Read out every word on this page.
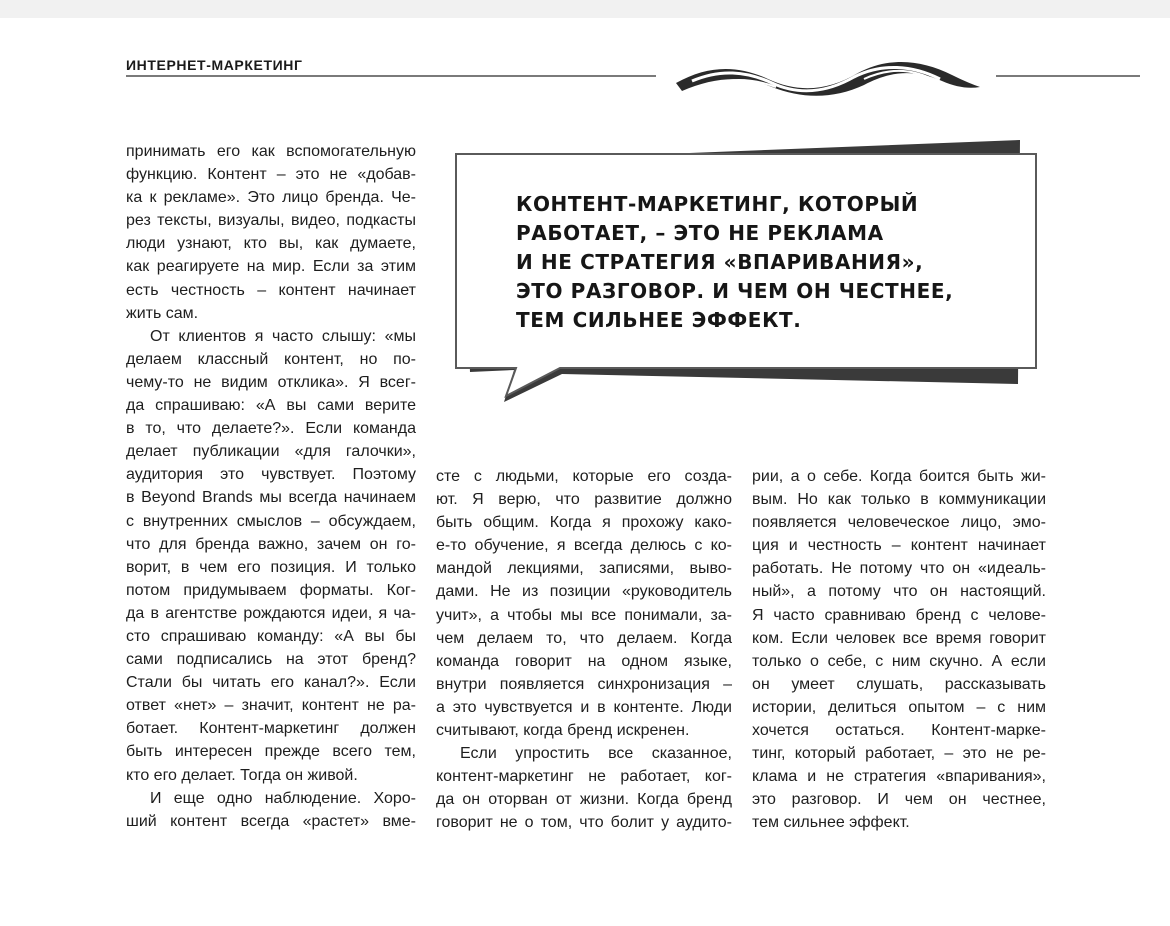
ИНТЕРНЕТ-МАРКЕТИНГ

принимать его как вспомогательную
функцию. Контент – это не «добав-
ка к рекламе». Это лицо бренда. Че-
рез тексты, визуалы, видео, подкасты
люди узнают, кто вы, как думаете,
как реагируете на мир. Если за этим
есть честность – контент начинает
жить сам.

От клиентов я часто слышу: «мы
делаем классный контент, но по-
чему-то не видим отклика». Я всег-
да спрашиваю: «А вы сами верите
в то, что делаете?». Если команда
делает публикации «для галочки»,
аудитория это чувствует. Поэтому
в Beyond Brands мы всегда начинаем
с внутренних смыслов – обсуждаем,
что для бренда важно, зачем он го-
ворит, в чем его позиция. И только
потом придумываем форматы. Ког-
да в агентстве рождаются идеи, я ча-
сто спрашиваю команду: «А вы бы
сами подписались на этот бренд?
Стали бы читать его канал?». Если
ответ «нет» – значит, контент не ра-
ботает. Контент-маркетинг должен
быть интересен прежде всего тем,
кто его делает. Тогда он живой.

И еще одно наблюдение. Хоро-
ший контент всегда «растет» вме-

КОНТЕНТ-МАРКЕТИНГ, КОТОРЫЙ
РАБОТАЕТ, – ЭТО НЕ РЕКЛАМА
И НЕ СТРАТЕГИЯ «ВПАРИВАНИЯ»,
ЭТО РАЗГОВОР. И ЧЕМ ОН ЧЕСТНЕЕ,
ТЕМ СИЛЬНЕЕ ЭФФЕКТ.

сте с людьми, которые его созда-
ют. Я верю, что развитие должно
быть общим. Когда я прохожу како-
е-то обучение, я всегда делюсь с ко-
мандой лекциями, записями, выво-
дами. Не из позиции «руководитель
учит», а чтобы мы все понимали, за-
чем делаем то, что делаем. Когда
команда говорит на одном языке,
внутри появляется синхронизация –
а это чувствуется и в контенте. Люди
считывают, когда бренд искренен.

Если упростить все сказанное,
контент-маркетинг не работает, ког-
да он оторван от жизни. Когда бренд
говорит не о том, что болит у аудито-

рии, а о себе. Когда боится быть жи-
вым. Но как только в коммуникации
появляется человеческое лицо, эмо-
ция и честность – контент начинает
работать. Не потому что он «идеаль-
ный», а потому что он настоящий.
Я часто сравниваю бренд с челове-
ком. Если человек все время говорит
только о себе, с ним скучно. А если
он умеет слушать, рассказывать
истории, делиться опытом – с ним
хочется остаться. Контент-марке-
тинг, который работает, – это не ре-
клама и не стратегия «впаривания»,
это разговор. И чем он честнее,
тем сильнее эффект.
